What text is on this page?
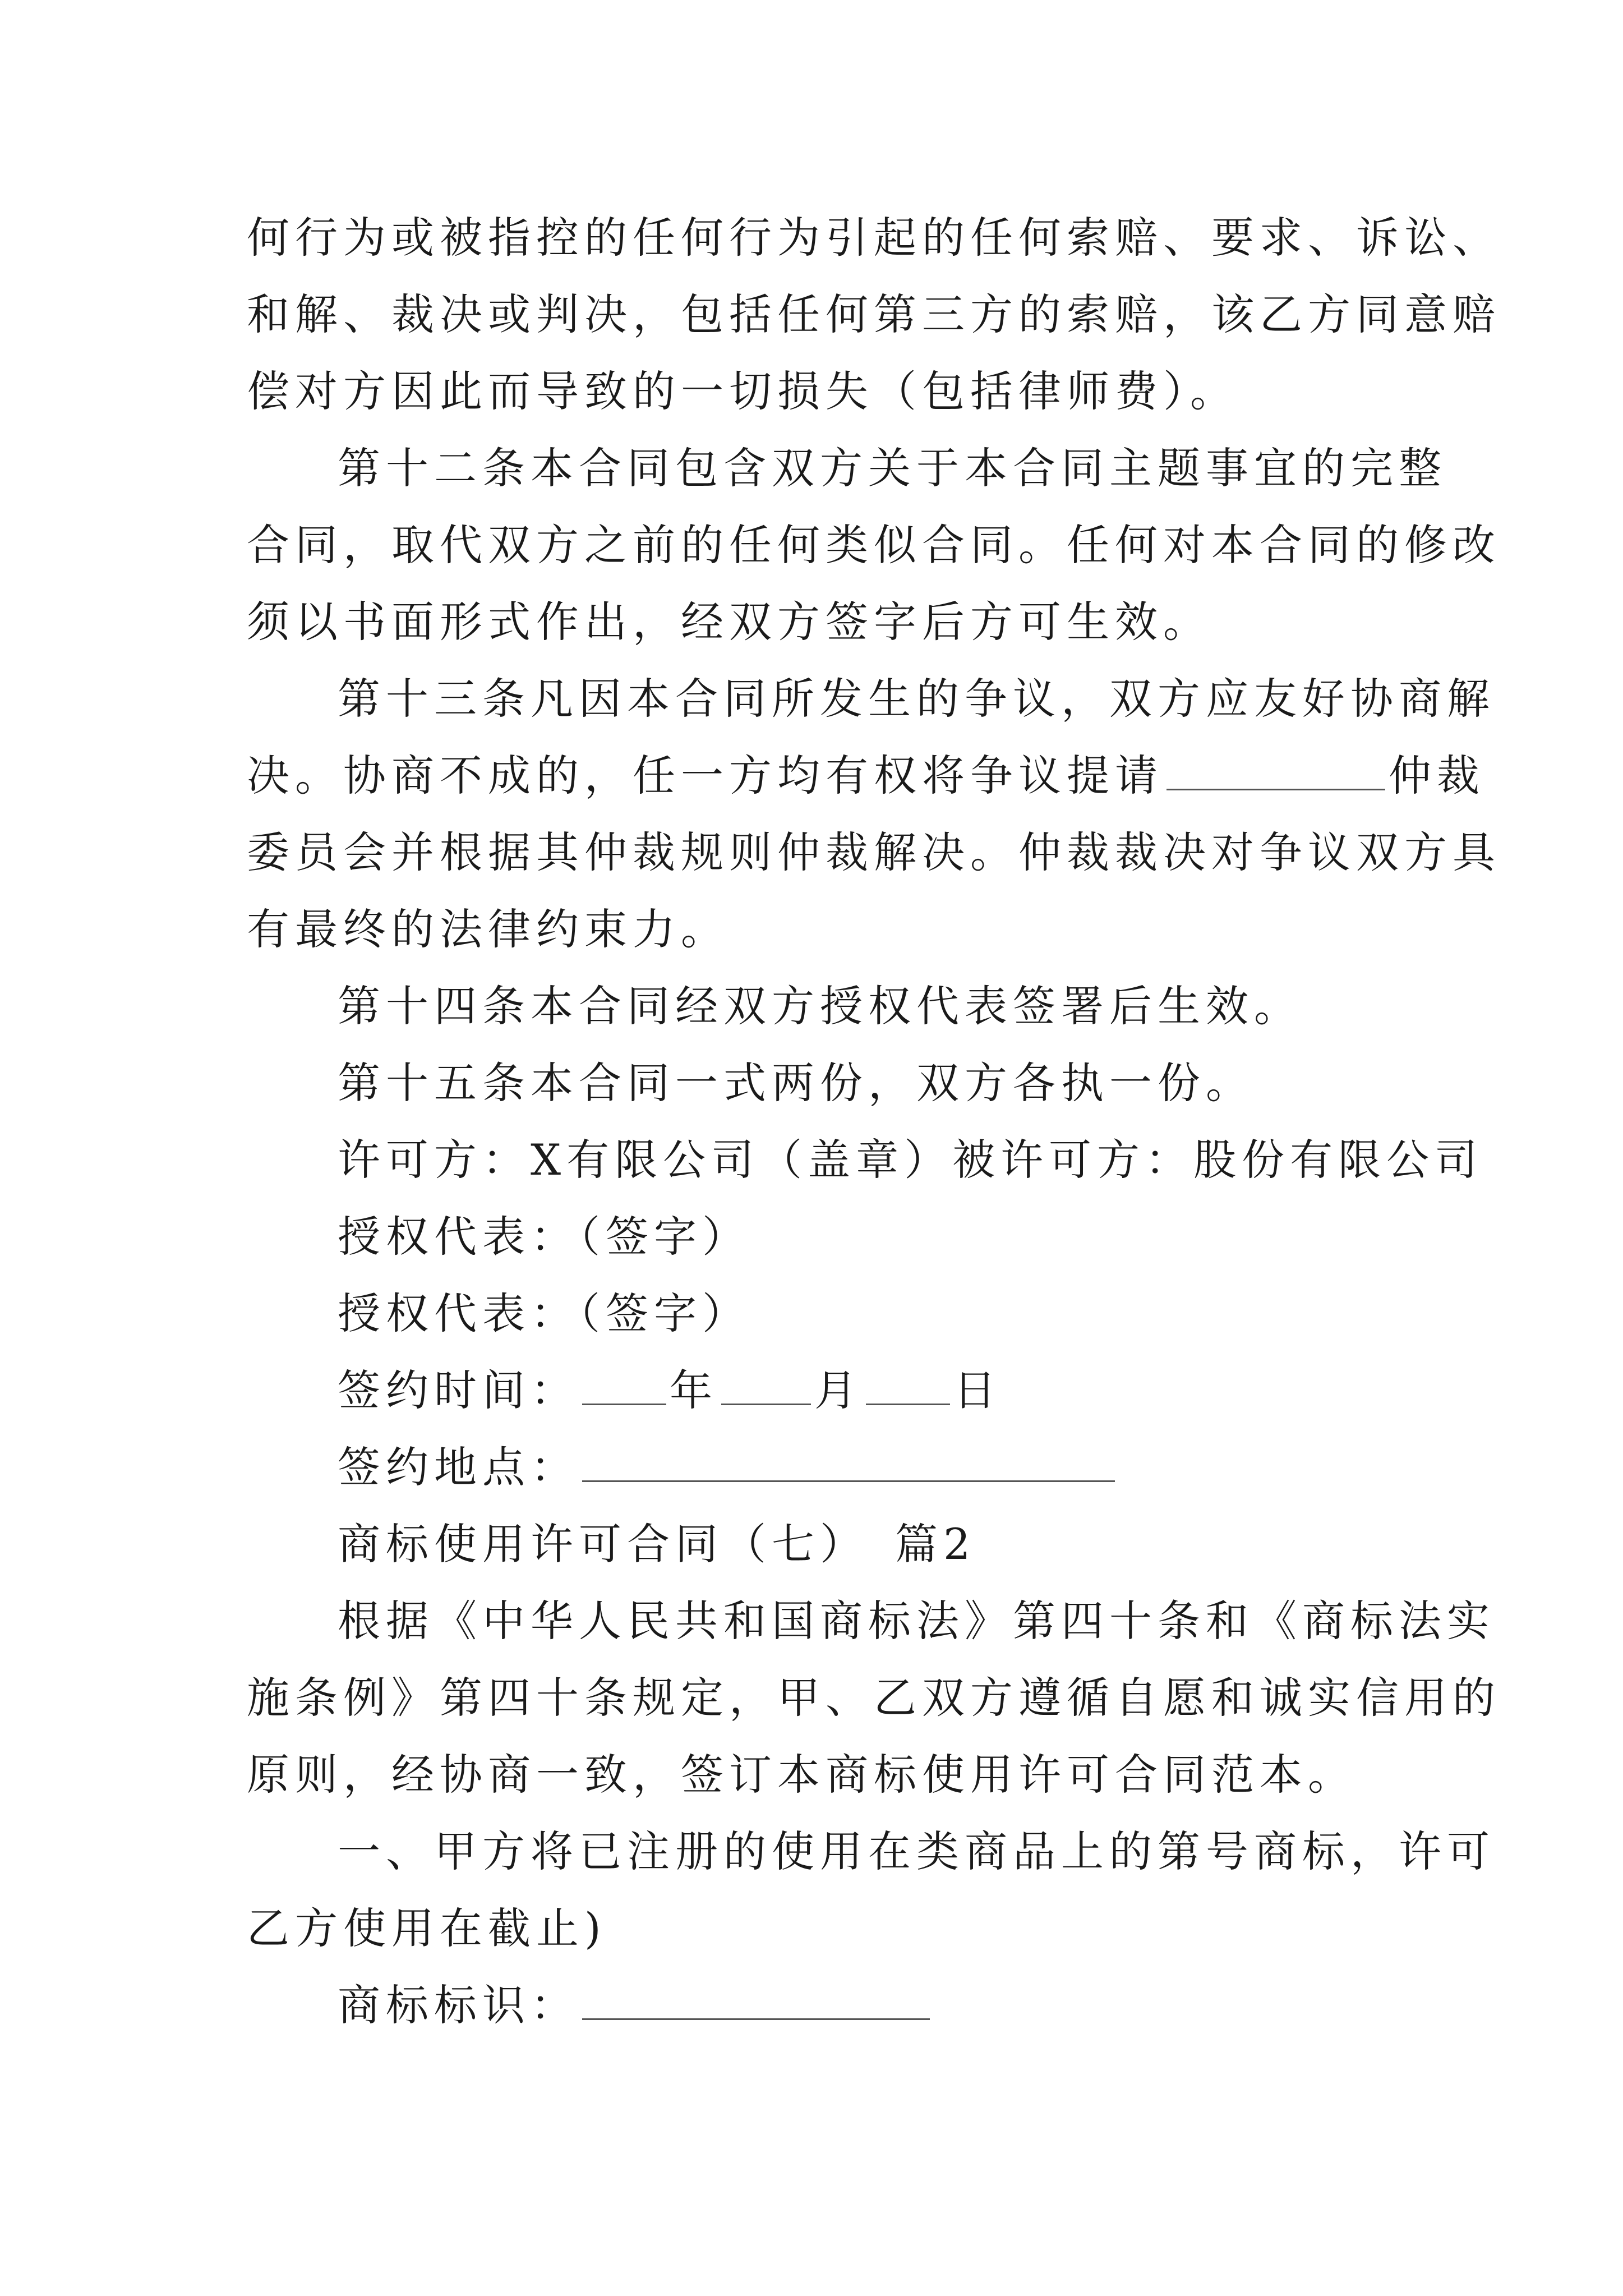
何行为或被指控的任何行为引起的任何索赔、要求、诉讼、
和解、裁决或判决，包括任何第三方的索赔，该乙方同意赔
偿对方因此而导致的一切损失（包括律师费）。
第十二条本合同包含双方关于本合同主题事宜的完整
合同，取代双方之前的任何类似合同。任何对本合同的修改
须以书面形式作出，经双方签字后方可生效。
第十三条凡因本合同所发生的争议，双方应友好协商解
决。协商不成的，任一方均有权将争议提请	仲裁
委员会并根据其仲裁规则仲裁解决。仲裁裁决对争议双方具
有最终的法律约束力。
第十四条本合同经双方授权代表签署后生效。
第十五条本合同一式两份，双方各执一份。
许可方：X有限公司（盖章）被许可方：股份有限公司
授权代表：（签字）
授权代表：（签字）
签约时间： 年 月 日
签约地点：
商标使用许可合同（七）　篇2
根据《中华人民共和国商标法》第四十条和《商标法实
施条例》第四十条规定，甲、乙双方遵循自愿和诚实信用的
原则，经协商一致，签订本商标使用许可合同范本。
一、甲方将已注册的使用在类商品上的第号商标，许可
乙方使用在截止)
商标标识：
